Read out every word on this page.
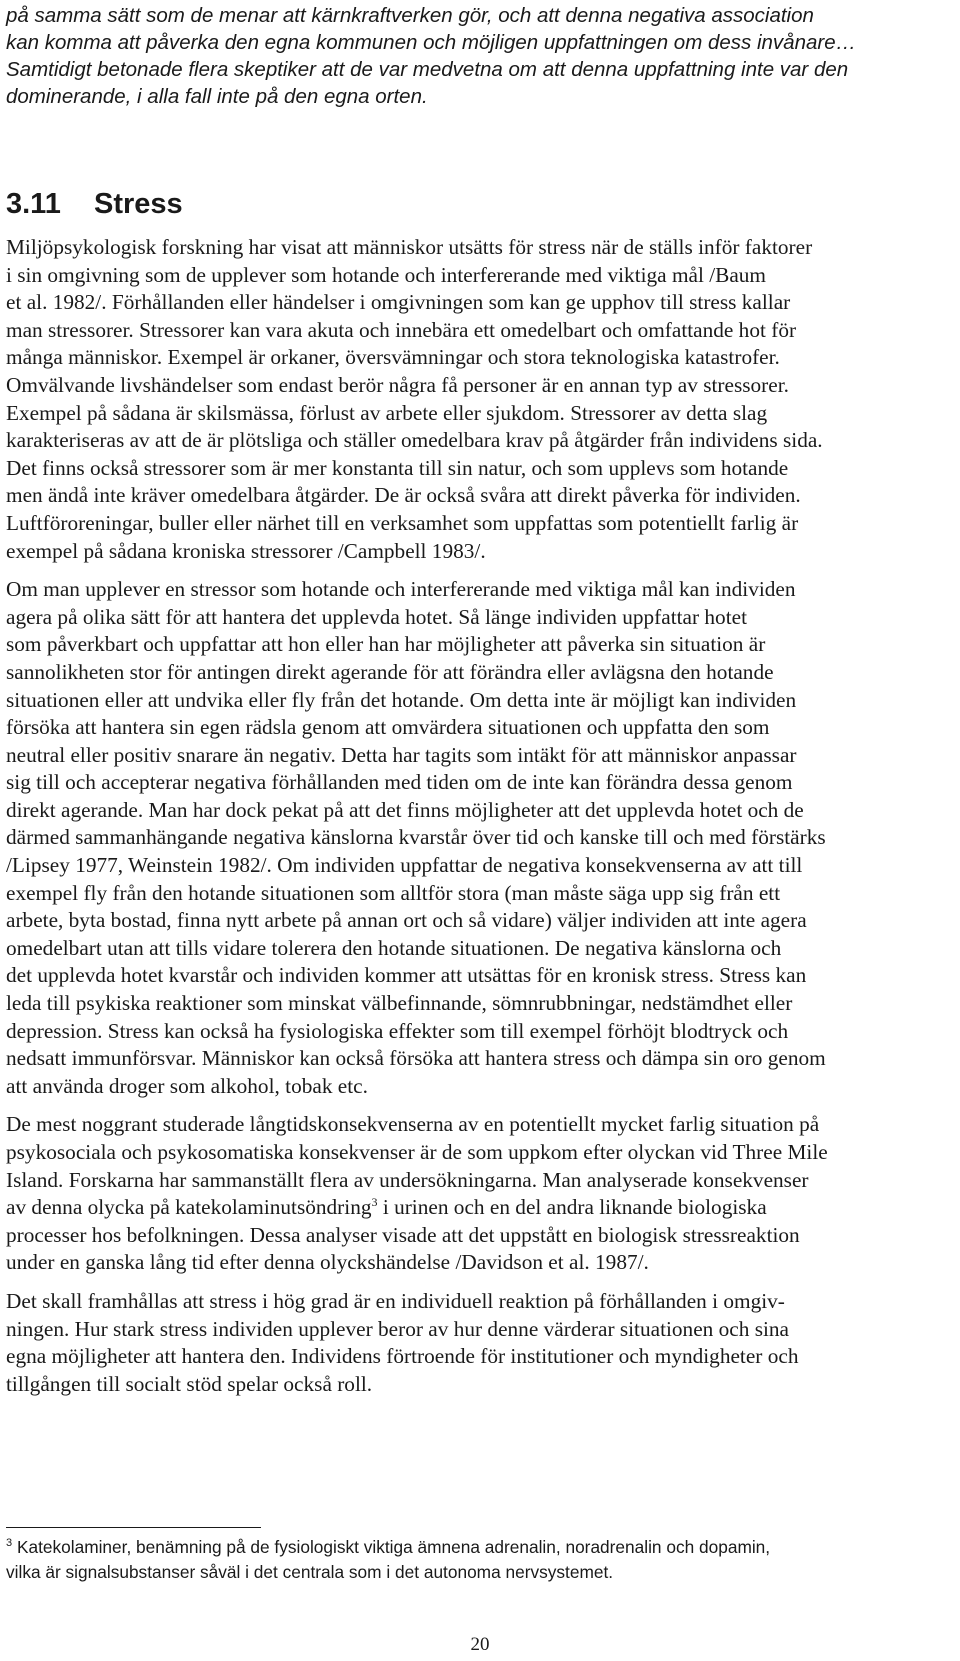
på samma sätt som de menar att kärnkraftverken gör, och att denna negativa association
kan komma att påverka den egna kommunen och möjligen uppfattningen om dess invånare…
Samtidigt betonade flera skeptiker att de var medvetna om att denna uppfattning inte var den
dominerande, i alla fall inte på den egna orten.
3.11 Stress
Miljöpsykologisk forskning har visat att människor utsätts för stress när de ställs inför faktorer
i sin omgivning som de upplever som hotande och interfererande med viktiga mål /Baum
et al. 1982/. Förhållanden eller händelser i omgivningen som kan ge upphov till stress kallar
man stressorer. Stressorer kan vara akuta och innebära ett omedelbart och omfattande hot för
många människor. Exempel är orkaner, översvämningar och stora teknologiska katastrofer.
Omvälvande livshändelser som endast berör några få personer är en annan typ av stressorer.
Exempel på sådana är skilsmässa, förlust av arbete eller sjukdom. Stressorer av detta slag
karakteriseras av att de är plötsliga och ställer omedelbara krav på åtgärder från individens sida.
Det finns också stressorer som är mer konstanta till sin natur, och som upplevs som hotande
men ändå inte kräver omedelbara åtgärder. De är också svåra att direkt påverka för individen.
Luftföroreningar, buller eller närhet till en verksamhet som uppfattas som potentiellt farlig är
exempel på sådana kroniska stressorer /Campbell 1983/.
Om man upplever en stressor som hotande och interfererande med viktiga mål kan individen
agera på olika sätt för att hantera det upplevda hotet. Så länge individen uppfattar hotet
som påverkbart och uppfattar att hon eller han har möjligheter att påverka sin situation är
sannolikheten stor för antingen direkt agerande för att förändra eller avlägsna den hotande
situationen eller att undvika eller fly från det hotande. Om detta inte är möjligt kan individen
försöka att hantera sin egen rädsla genom att omvärdera situationen och uppfatta den som
neutral eller positiv snarare än negativ. Detta har tagits som intäkt för att människor anpassar
sig till och accepterar negativa förhållanden med tiden om de inte kan förändra dessa genom
direkt agerande. Man har dock pekat på att det finns möjligheter att det upplevda hotet och de
därmed sammanhängande negativa känslorna kvarstår över tid och kanske till och med förstärks
/Lipsey 1977, Weinstein 1982/. Om individen uppfattar de negativa konsekvenserna av att till
exempel fly från den hotande situationen som alltför stora (man måste säga upp sig från ett
arbete, byta bostad, finna nytt arbete på annan ort och så vidare) väljer individen att inte agera
omedelbart utan att tills vidare tolerera den hotande situationen. De negativa känslorna och
det upplevda hotet kvarstår och individen kommer att utsättas för en kronisk stress. Stress kan
leda till psykiska reaktioner som minskat välbefinnande, sömnrubbningar, nedstämdhet eller
depression. Stress kan också ha fysiologiska effekter som till exempel förhöjt blodtryck och
nedsatt immunförsvar. Människor kan också försöka att hantera stress och dämpa sin oro genom
att använda droger som alkohol, tobak etc.
De mest noggrant studerade långtidskonsekvenserna av en potentiellt mycket farlig situation på
psykosociala och psykosomatiska konsekvenser är de som uppkom efter olyckan vid Three Mile
Island. Forskarna har sammanställt flera av undersökningarna. Man analyserade konsekvenser
av denna olycka på katekolaminutsöndring$^3$ i urinen och en del andra liknande biologiska
processer hos befolkningen. Dessa analyser visade att det uppstått en biologisk stressreaktion
under en ganska lång tid efter denna olyckshändelse /Davidson et al. 1987/.
Det skall framhållas att stress i hög grad är en individuell reaktion på förhållanden i omgiv-
ningen. Hur stark stress individen upplever beror av hur denne värderar situationen och sina
egna möjligheter att hantera den. Individens förtroende för institutioner och myndigheter och
tillgången till socialt stöd spelar också roll.
$^3$ Katekolaminer, benämning på de fysiologiskt viktiga ämnena adrenalin, noradrenalin och dopamin,
vilka är signalsubstanser såväl i det centrala som i det autonoma nervsystemet.
20
